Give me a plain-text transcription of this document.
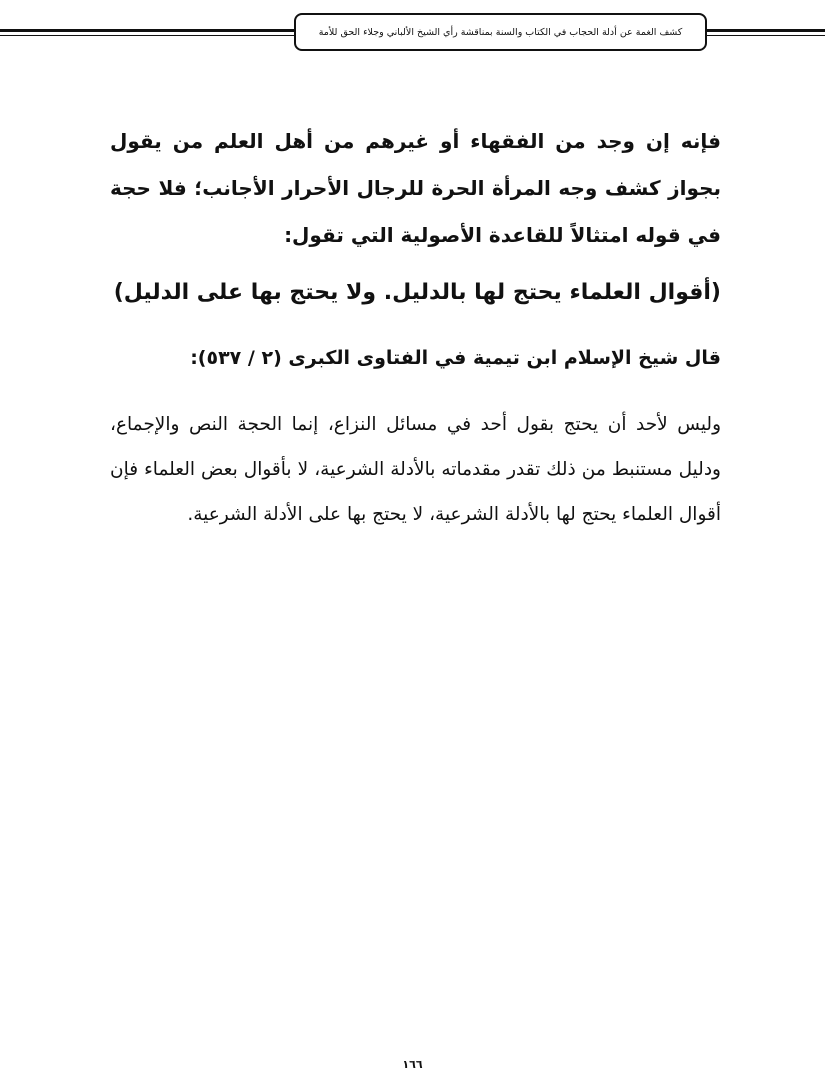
كشف الغمة عن أدلة الحجاب في الكتاب والسنة بمناقشة رأي الشيخ الألباني وجلاء الحق للأمة
فإنه إن وجد من الفقهاء أو غيرهم من أهل العلم من يقول بجواز كشف وجه المرأة الحرة للرجال الأحرار الأجانب؛ فلا حجة في قوله امتثالاً للقاعدة الأصولية التي تقول:
(أقوال العلماء يحتج لها بالدليل. ولا يحتج بها على الدليل)
قال شيخ الإسلام ابن تيمية في الفتاوى الكبرى (٢ / ٥٣٧):
وليس لأحد أن يحتج بقول أحد في مسائل النزاع، إنما الحجة النص والإجماع، ودليل مستنبط من ذلك تقدر مقدماته بالأدلة الشرعية، لا بأقوال بعض العلماء فإن أقوال العلماء يحتج لها بالأدلة الشرعية، لا يحتج بها على الأدلة الشرعية.
١٦٦
